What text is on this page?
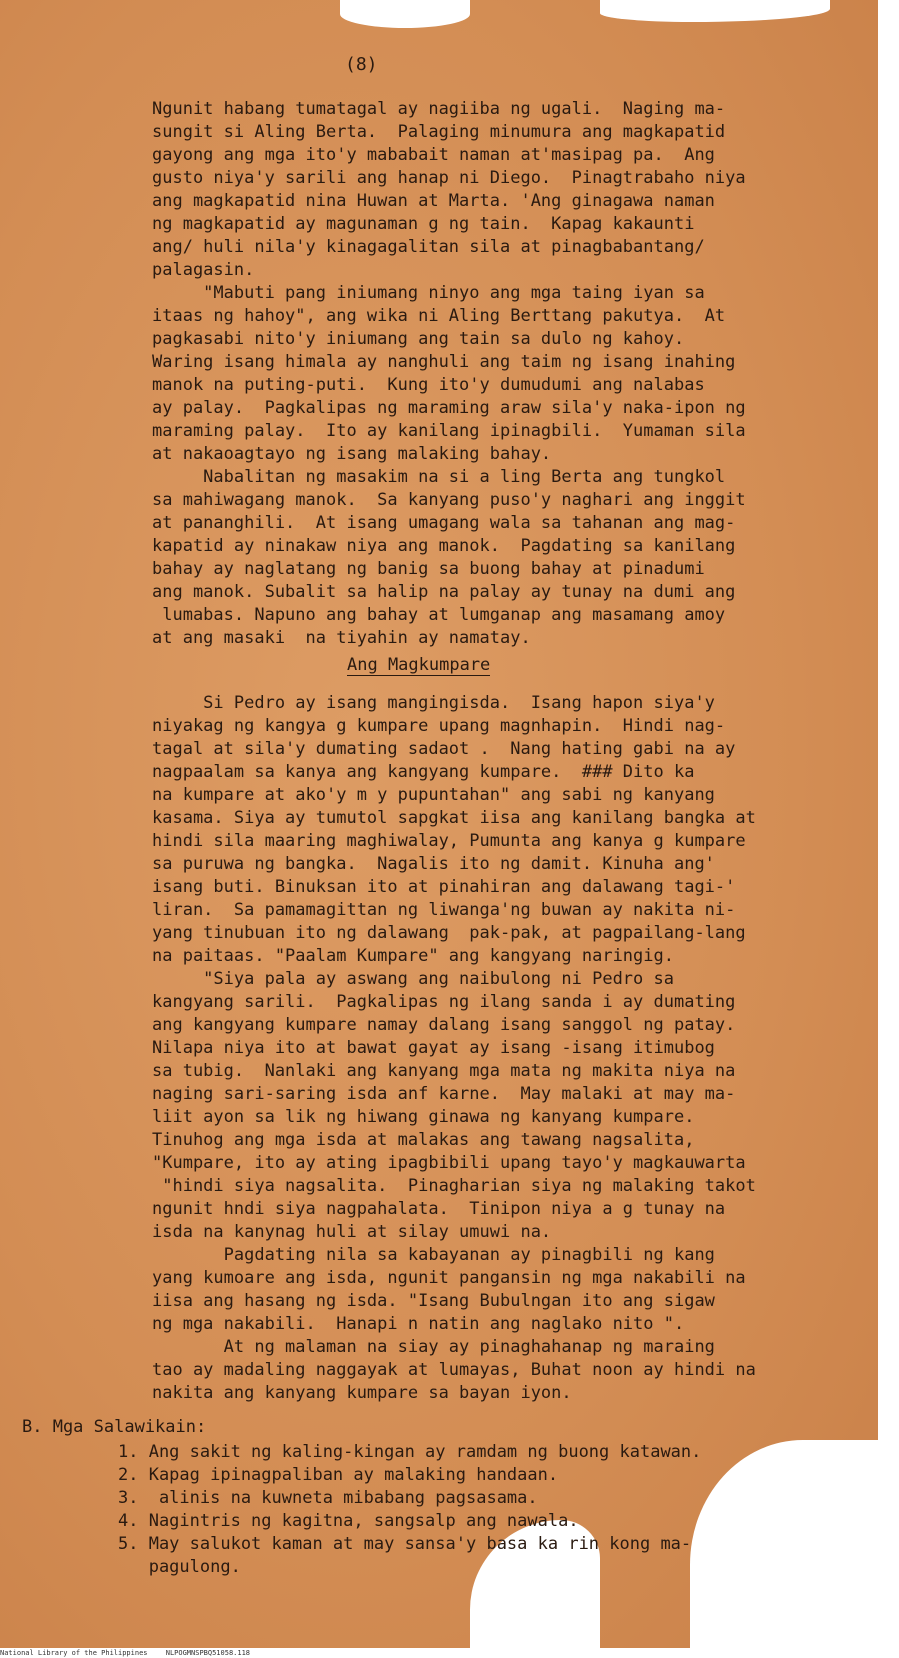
(8)
Ngunit habang tumatagal ay nagiiba ng ugali.  Naging ma-
sungit si Aling Berta.  Palaging minumura ang magkapatid
gayong ang mga ito'y mababait naman at'masipag pa.  Ang
gusto niya'y sarili ang hanap ni Diego.  Pinagtrabaho niya
ang magkapatid nina Huwan at Marta. 'Ang ginagawa naman
ng magkapatid ay magunaman g ng tain.  Kapag kakaunti
ang/ huli nila'y kinagagalitan sila at pinagbabantang/
palagasin.
"Mabuti pang iniumang ninyo ang mga taing iyan sa
itaas ng hahoy", ang wika ni Aling Berttang pakutya.  At
pagkasabi nito'y iniumang ang tain sa dulo ng kahoy.
Waring isang himala ay nanghuli ang taim ng isang inahing
manok na puting-puti.  Kung ito'y dumudumi ang nalabas
ay palay.  Pagkalipas ng maraming araw sila'y naka-ipon ng
maraming palay.  Ito ay kanilang ipinagbili.  Yumaman sila
at nakaoagtayo ng isang malaking bahay.
Nabalitan ng masakim na si a ling Berta ang tungkol
sa mahiwagang manok.  Sa kanyang puso'y naghari ang inggit
at pananghili.  At isang umagang wala sa tahanan ang mag-
kapatid ay ninakaw niya ang manok.  Pagdating sa kanilang
bahay ay naglatang ng banig sa buong bahay at pinadumi
ang manok. Subalit sa halip na palay ay tunay na dumi ang
lumabas. Napuno ang bahay at lumganap ang masamang amoy
at ang masaki  na tiyahin ay namatay.
Ang Magkumpare
Si Pedro ay isang mangingisda.  Isang hapon siya'y
niyakag ng kangya g kumpare upang magnhapin.  Hindi nag-
tagal at sila'y dumating sadaot .  Nang hating gabi na ay
nagpaalam sa kanya ang kangyang kumpare.  ### Dito ka
na kumpare at ako'y m y pupuntahan" ang sabi ng kanyang
kasama. Siya ay tumutol sapgkat iisa ang kanilang bangka at
hindi sila maaring maghiwalay, Pumunta ang kanya g kumpare
sa puruwa ng bangka.  Nagalis ito ng damit. Kinuha ang'
isang buti. Binuksan ito at pinahiran ang dalawang tagi-'
liran.  Sa pamamagittan ng liwanga'ng buwan ay nakita ni-
yang tinubuan ito ng dalawang  pak-pak, at pagpailang-lang
na paitaas. "Paalam Kumpare" ang kangyang naringig.
"Siya pala ay aswang ang naibulong ni Pedro sa
kangyang sarili.  Pagkalipas ng ilang sanda i ay dumating
ang kangyang kumpare namay dalang isang sanggol ng patay.
Nilapa niya ito at bawat gayat ay isang -isang itimubog
sa tubig.  Nanlaki ang kanyang mga mata ng makita niya na
naging sari-saring isda anf karne.  May malaki at may ma-
liit ayon sa lik ng hiwang ginawa ng kanyang kumpare.
Tinuhog ang mga isda at malakas ang tawang nagsalita,
"Kumpare, ito ay ating ipagbibili upang tayo'y magkauwarta
"hindi siya nagsalita.  Pinagharian siya ng malaking takot
ngunit hndi siya nagpahalata.  Tinipon niya a g tunay na
isda na kanynag huli at silay umuwi na.
Pagdating nila sa kabayanan ay pinagbili ng kang
yang kumoare ang isda, ngunit pangansin ng mga nakabili na
iisa ang hasang ng isda. "Isang Bubulngan ito ang sigaw
ng mga nakabili.  Hanapi n natin ang naglako nito ".
At ng malaman na siay ay pinaghahanap ng maraing
tao ay madaling naggayak at lumayas, Buhat noon ay hindi na
nakita ang kanyang kumpare sa bayan iyon.
B. Mga Salawikain:
1. Ang sakit ng kaling-kingan ay ramdam ng buong katawan.
2. Kapag ipinagpaliban ay malaking handaan.
3.  alinis na kuwneta mibabang pagsasama.
4. Nagintris ng kagitna, sangsalp ang nawala.
5. May salukot kaman at may sansa'y basa ka rin kong ma-
pagulong.
National Library of the Philippines	NLPOGMNSPBQ51058.118
